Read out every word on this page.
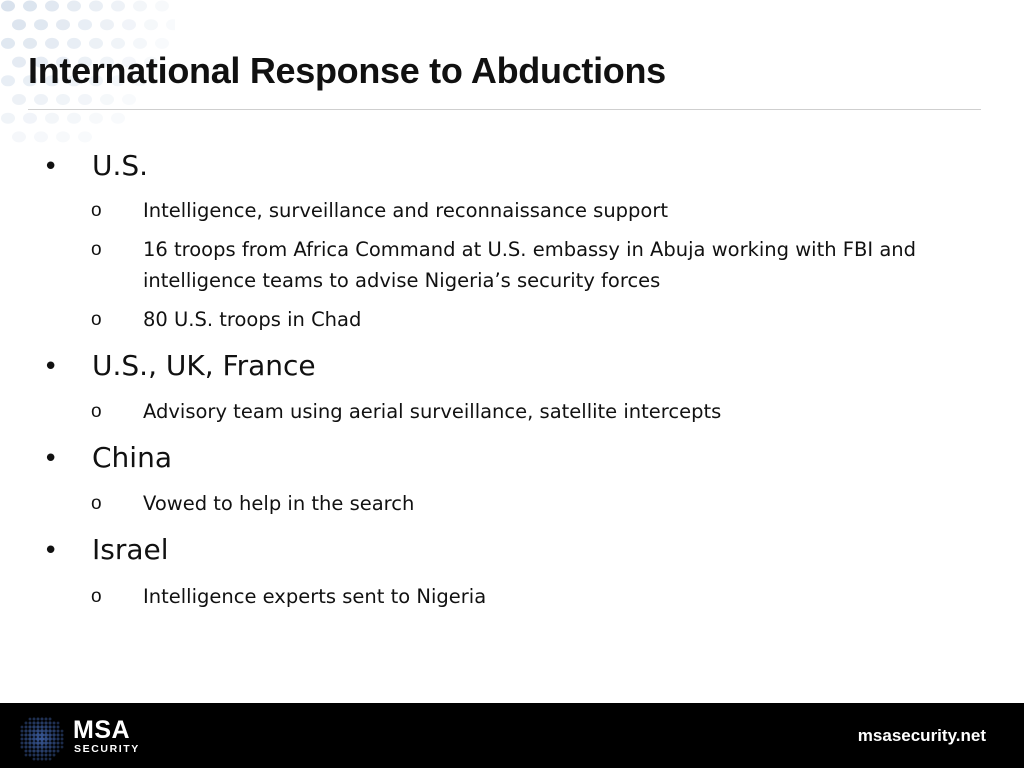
International Response to Abductions
• U.S.
o Intelligence, surveillance and reconnaissance support
o 16 troops from Africa Command at U.S. embassy in Abuja working with FBI and intelligence teams to advise Nigeria’s security forces
o 80 U.S. troops in Chad
• U.S., UK, France
o Advisory team using aerial surveillance, satellite intercepts
• China
o Vowed to help in the search
• Israel
o Intelligence experts sent to Nigeria
MSA
SECURITY
msasecurity.net
